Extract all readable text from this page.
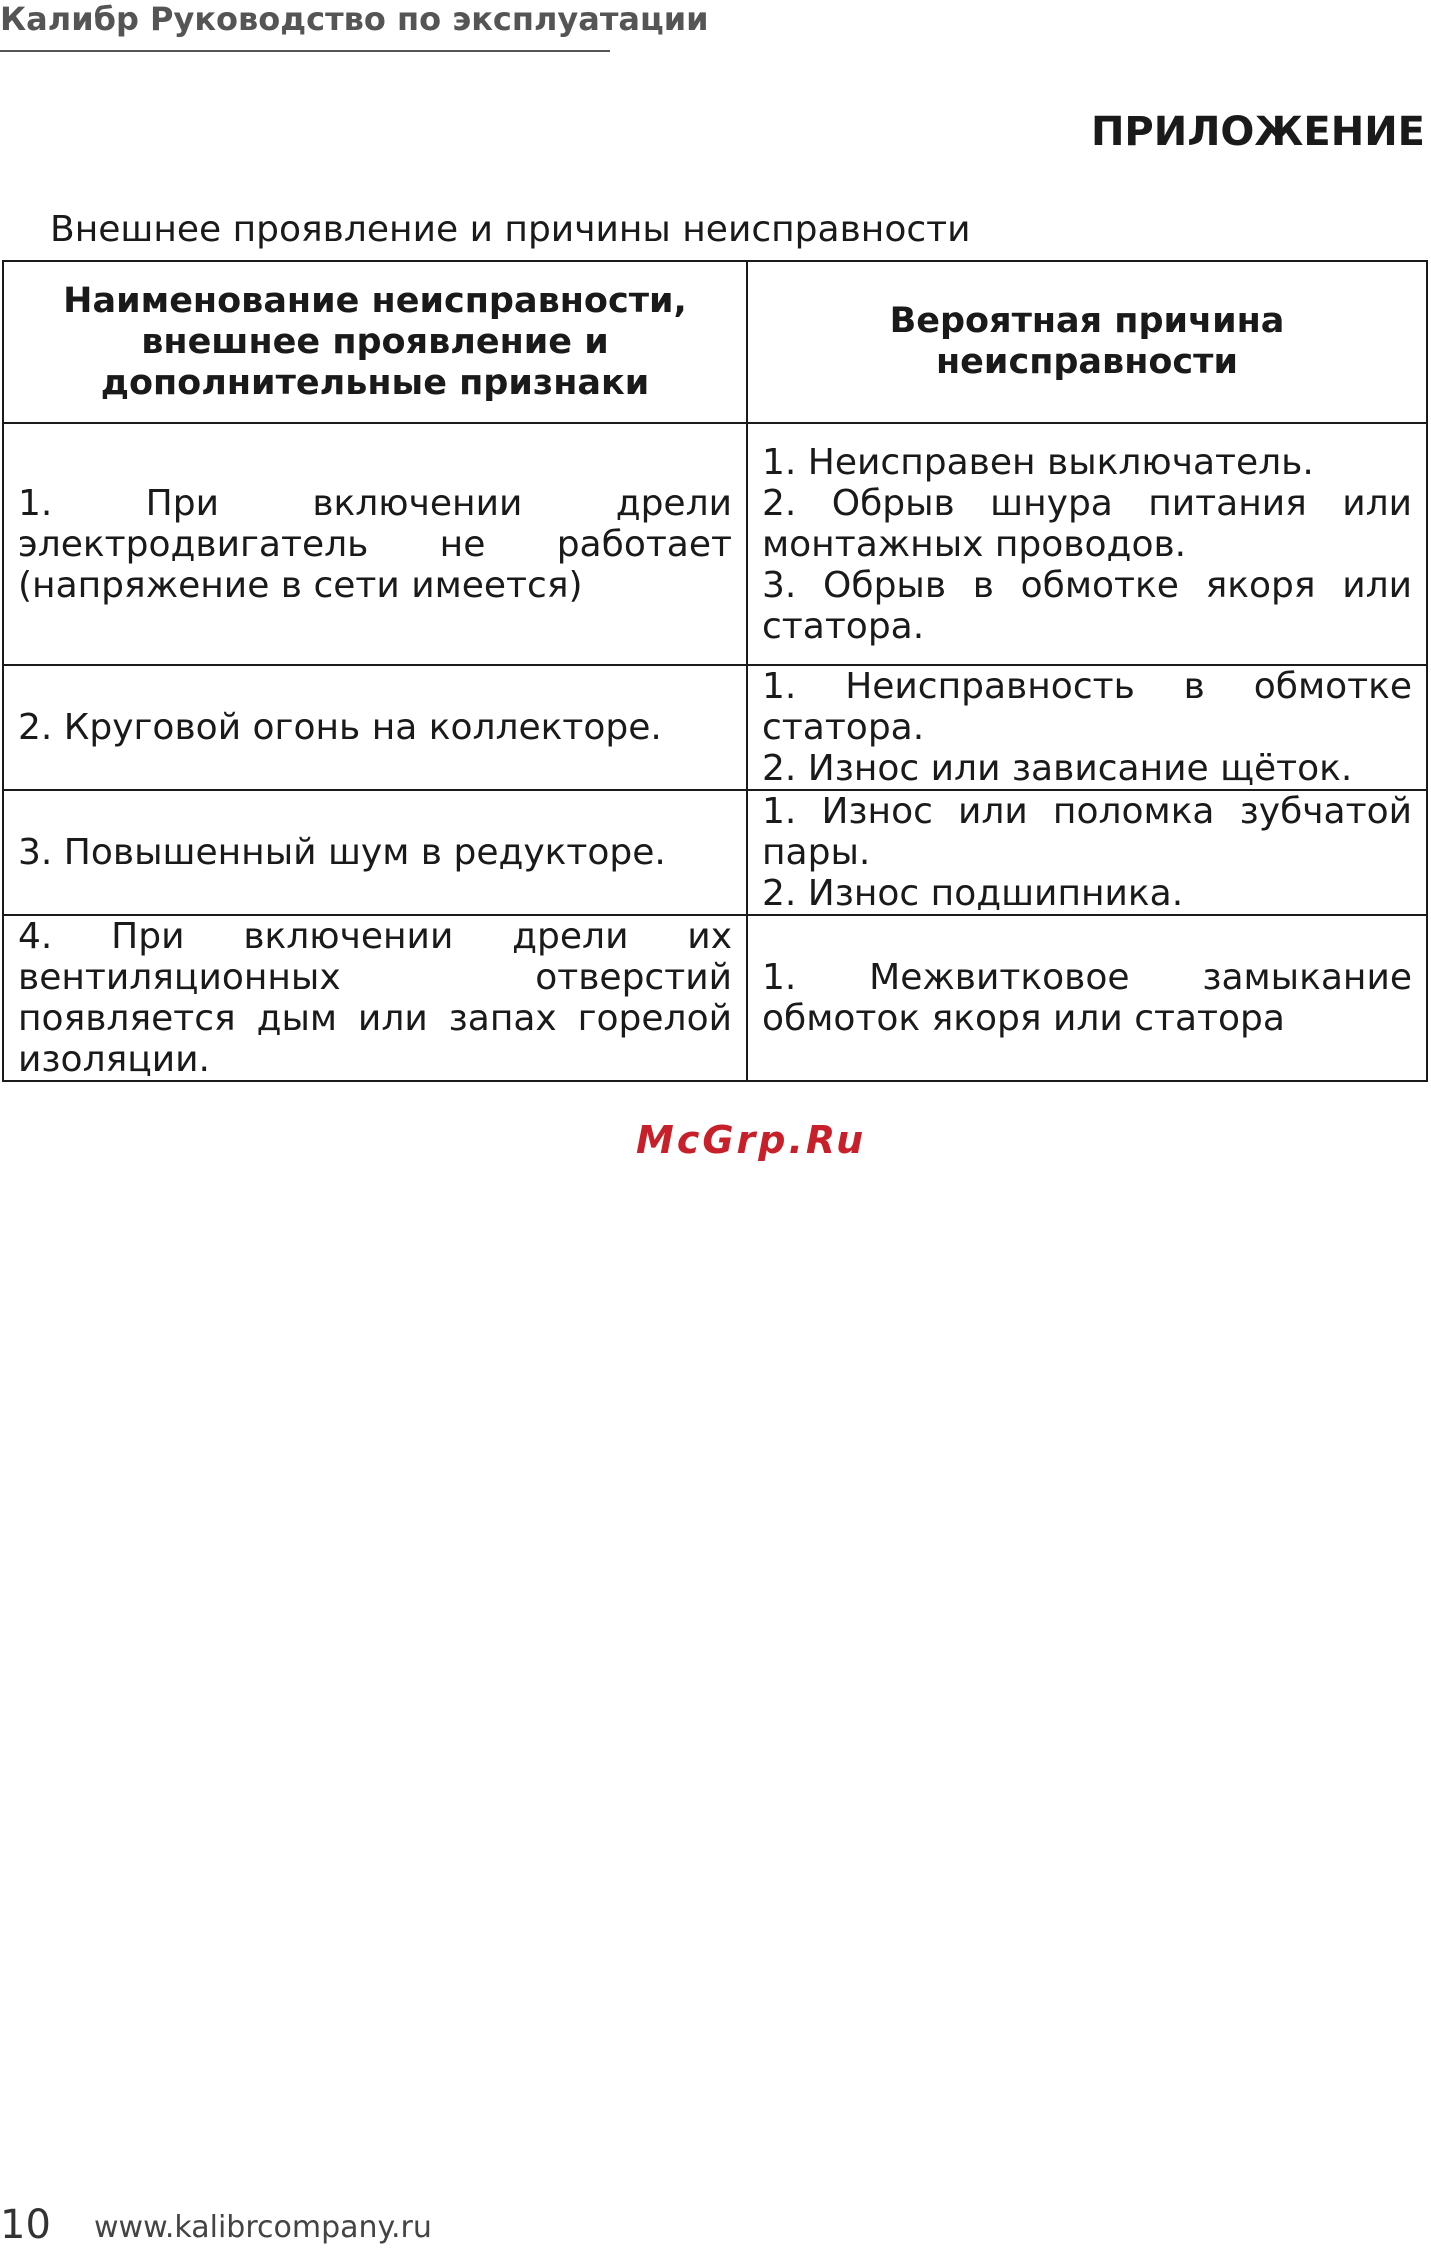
Калибр Руководство по эксплуатации
ПРИЛОЖЕНИЕ
Внешнее проявление и причины неисправности
Наименование неисправности, внешнее проявление и дополнительные признаки	Вероятная причина неисправности
1. При включении дрели электродвигатель не работает (напряжение в сети имеется)	1. Неисправен выключатель.
2. Обрыв шнура питания или монтажных проводов.
3. Обрыв в обмотке якоря или статора.

2. Круговой огонь на коллекторе.	1. Неисправность в обмотке статора.
2. Износ или зависание щёток.

3. Повышенный шум в редукторе.	1. Износ или поломка зубчатой пары.
2. Износ подшипника.

4. При включении дрели их вентиляционных отверстий появляется дым или запах горелой изоляции.	1. Межвитковое замыкание обмоток якоря или статора
McGrp.Ru
10 www.kalibrcompany.ru
